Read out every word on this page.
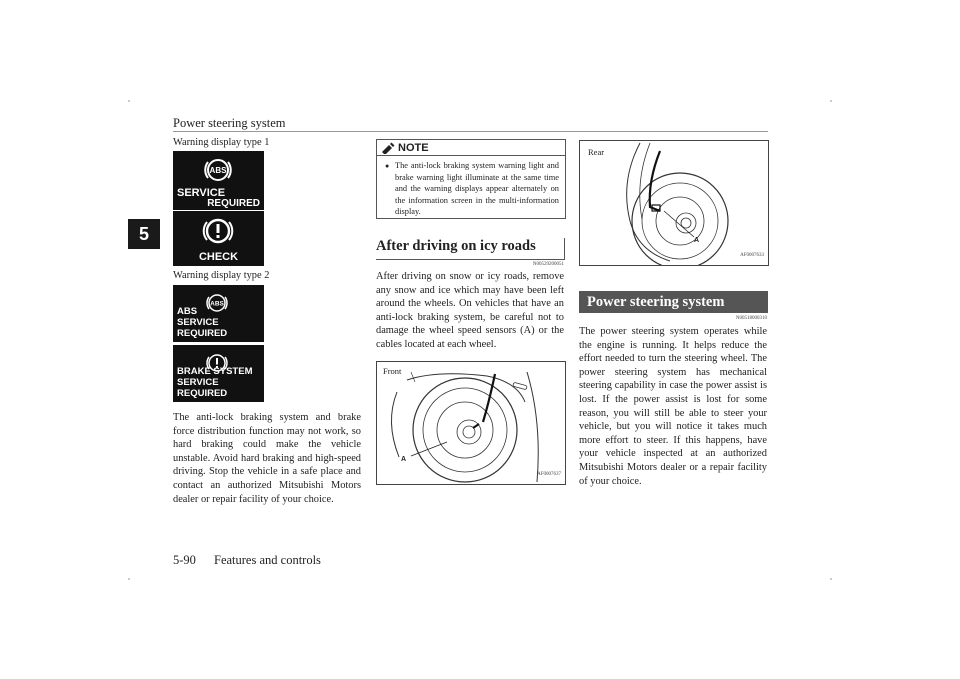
Power steering system
5
Warning display type 1
ABS
SERVICE
REQUIRED
CHECK
Warning display type 2
ABS
ABS
SERVICE REQUIRED
BRAKE SYSTEM
SERVICE REQUIRED
The anti-lock braking system and brake force distribution function may not work, so hard braking could make the vehicle unstable. Avoid hard braking and high-speed driving. Stop the vehicle in a safe place and contact an authorized Mitsubishi Motors dealer or repair facility of your choice.
NOTE
● The anti-lock braking system warning light and brake warning light illuminate at the same time and the warning displays appear alternately on the information screen in the multi-information display.
After driving on icy roads
N00529200051
After driving on snow or icy roads, remove any snow and ice which may have been left around the wheels. On vehicles that have an anti-lock braking system, be careful not to damage the wheel speed sensors (A) or the cables located at each wheel.
Front
A
AF0007637
Rear
A
AF0007633
Power steering system
N00518000310
The power steering system operates while the engine is running. It helps reduce the effort needed to turn the steering wheel. The power steering system has mechanical steering capability in case the power assist is lost. If the power assist is lost for some reason, you will still be able to steer your vehicle, but you will notice it takes much more effort to steer. If this happens, have your vehicle inspected at an authorized Mitsubishi Motors dealer or a repair facility of your choice.
5-90 Features and controls
